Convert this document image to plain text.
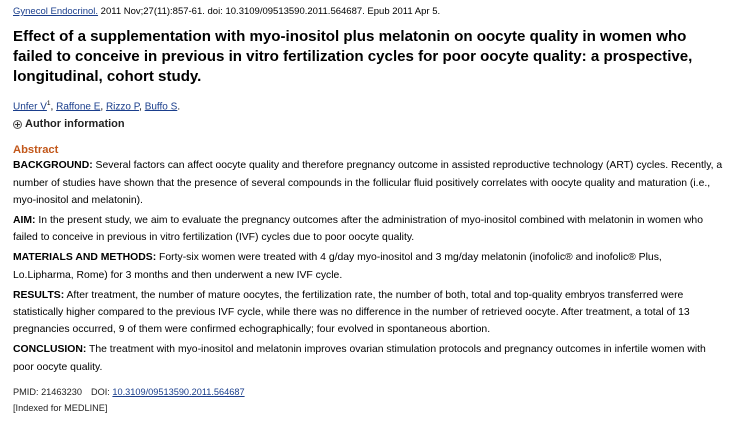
Gynecol Endocrinol. 2011 Nov;27(11):857-61. doi: 10.3109/09513590.2011.564687. Epub 2011 Apr 5.
Effect of a supplementation with myo-inositol plus melatonin on oocyte quality in women who failed to conceive in previous in vitro fertilization cycles for poor oocyte quality: a prospective, longitudinal, cohort study.
Unfer $V^1$, Raffone E, Rizzo P, Buffo S.
Author information
Abstract

BACKGROUND: Several factors can affect oocyte quality and therefore pregnancy outcome in assisted reproductive technology (ART) cycles. Recently, a number of studies have shown that the presence of several compounds in the follicular fluid positively correlates with oocyte quality and maturation (i.e., myo-inositol and melatonin).

AIM: In the present study, we aim to evaluate the pregnancy outcomes after the administration of myo-inositol combined with melatonin in women who failed to conceive in previous in vitro fertilization (IVF) cycles due to poor oocyte quality.

MATERIALS AND METHODS: Forty-six women were treated with 4 g/day myo-inositol and 3 mg/day melatonin (inofolic® and inofolic® Plus, Lo.Lipharma, Rome) for 3 months and then underwent a new IVF cycle.

RESULTS: After treatment, the number of mature oocytes, the fertilization rate, the number of both, total and top-quality embryos transferred were statistically higher compared to the previous IVF cycle, while there was no difference in the number of retrieved oocyte. After treatment, a total of 13 pregnancies occurred, 9 of them were confirmed echographically; four evolved in spontaneous abortion.

CONCLUSION: The treatment with myo-inositol and melatonin improves ovarian stimulation protocols and pregnancy outcomes in infertile women with poor oocyte quality.

PMID: 21463230 DOI: 10.3109/09513590.2011.564687
[Indexed for MEDLINE]
